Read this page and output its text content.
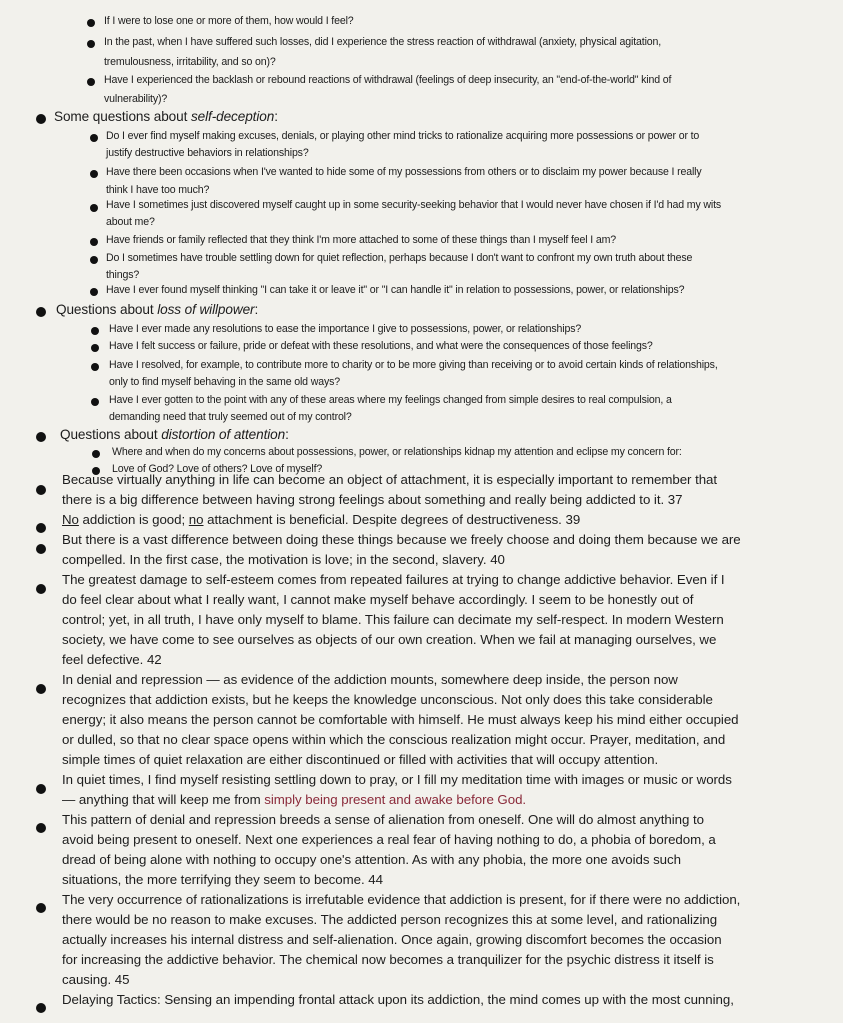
If I were to lose one or more of them, how would I feel?
In the past, when I have suffered such losses, did I experience the stress reaction of withdrawal (anxiety, physical agitation,
tremulousness, irritability, and so on)?
Have I experienced the backlash or rebound reactions of withdrawal (feelings of deep insecurity, an "end-of-the-world" kind of
vulnerability)?
Some questions about self-deception:
Do I ever find myself making excuses, denials, or playing other mind tricks to rationalize acquiring more possessions or power or to
justify destructive behaviors in relationships?
Have there been occasions when I've wanted to hide some of my possessions from others or to disclaim my power because I really
think I have too much?
Have I sometimes just discovered myself caught up in some security-seeking behavior that I would never have chosen if I'd had my wits
about me?
Have friends or family reflected that they think I'm more attached to some of these things than I myself feel I am?
Do I sometimes have trouble settling down for quiet reflection, perhaps because I don't want to confront my own truth about these
things?
Have I ever found myself thinking "I can take it or leave it" or "I can handle it" in relation to possessions, power, or relationships?
Questions about loss of willpower:
Have I ever made any resolutions to ease the importance I give to possessions, power, or relationships?
Have I felt success or failure, pride or defeat with these resolutions, and what were the consequences of those feelings?
Have I resolved, for example, to contribute more to charity or to be more giving than receiving or to avoid certain kinds of relationships,
only to find myself behaving in the same old ways?
Have I ever gotten to the point with any of these areas where my feelings changed from simple desires to real compulsion, a
demanding need that truly seemed out of my control?
Questions about distortion of attention:
Where and when do my concerns about possessions, power, or relationships kidnap my attention and eclipse my concern for:
Love of God? Love of others? Love of myself?
Because virtually anything in life can become an object of attachment, it is especially important to remember that
there is a big difference between having strong feelings about something and really being addicted to it. 37
No addiction is good; no attachment is beneficial. Despite degrees of destructiveness. 39
But there is a vast difference between doing these things because we freely choose and doing them because we are
compelled. In the first case, the motivation is love; in the second, slavery. 40
The greatest damage to self-esteem comes from repeated failures at trying to change addictive behavior. Even if I
do feel clear about what I really want, I cannot make myself behave accordingly. I seem to be honestly out of
control; yet, in all truth, I have only myself to blame. This failure can decimate my self-respect. In modern Western
society, we have come to see ourselves as objects of our own creation. When we fail at managing ourselves, we
feel defective. 42
In denial and repression — as evidence of the addiction mounts, somewhere deep inside, the person now
recognizes that addiction exists, but he keeps the knowledge unconscious. Not only does this take considerable
energy; it also means the person cannot be comfortable with himself. He must always keep his mind either occupied
or dulled, so that no clear space opens within which the conscious realization might occur. Prayer, meditation, and
simple times of quiet relaxation are either discontinued or filled with activities that will occupy attention.
In quiet times, I find myself resisting settling down to pray, or I fill my meditation time with images or music or words
— anything that will keep me from simply being present and awake before God.
This pattern of denial and repression breeds a sense of alienation from oneself. One will do almost anything to
avoid being present to oneself. Next one experiences a real fear of having nothing to do, a phobia of boredom, a
dread of being alone with nothing to occupy one's attention. As with any phobia, the more one avoids such
situations, the more terrifying they seem to become. 44
The very occurrence of rationalizations is irrefutable evidence that addiction is present, for if there were no addiction,
there would be no reason to make excuses. The addicted person recognizes this at some level, and rationalizing
actually increases his internal distress and self-alienation. Once again, growing discomfort becomes the occasion
for increasing the addictive behavior. The chemical now becomes a tranquilizer for the psychic distress it itself is
causing. 45
Delaying Tactics: Sensing an impending frontal attack upon its addiction, the mind comes up with the most cunning,
